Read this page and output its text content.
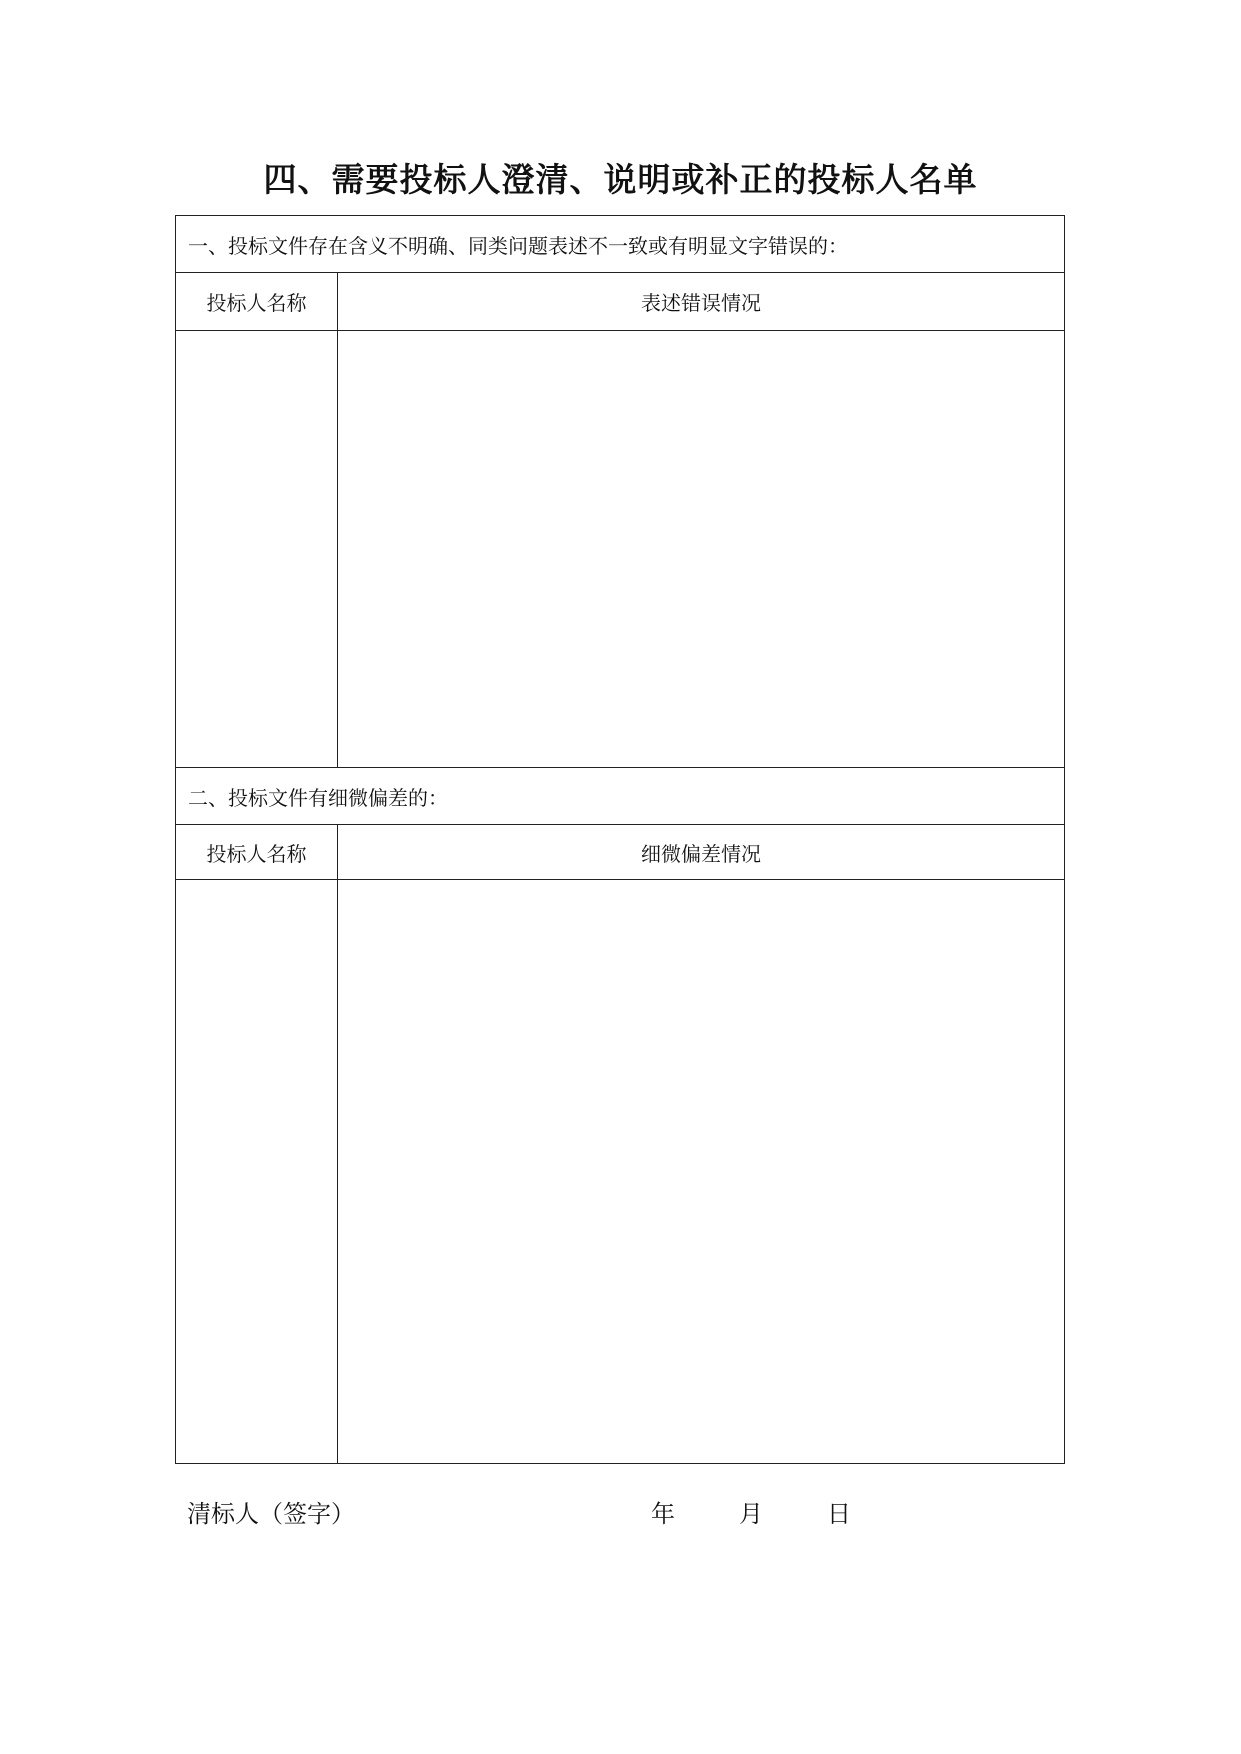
四、需要投标人澄清、说明或补正的投标人名单
一、投标文件存在含义不明确、同类问题表述不一致或有明显文字错误的：	
投标人名称	表述错误情况

二、投标文件有细微偏差的：	
投标人名称	细微偏差情况

清标人（签字）	年	月	日
